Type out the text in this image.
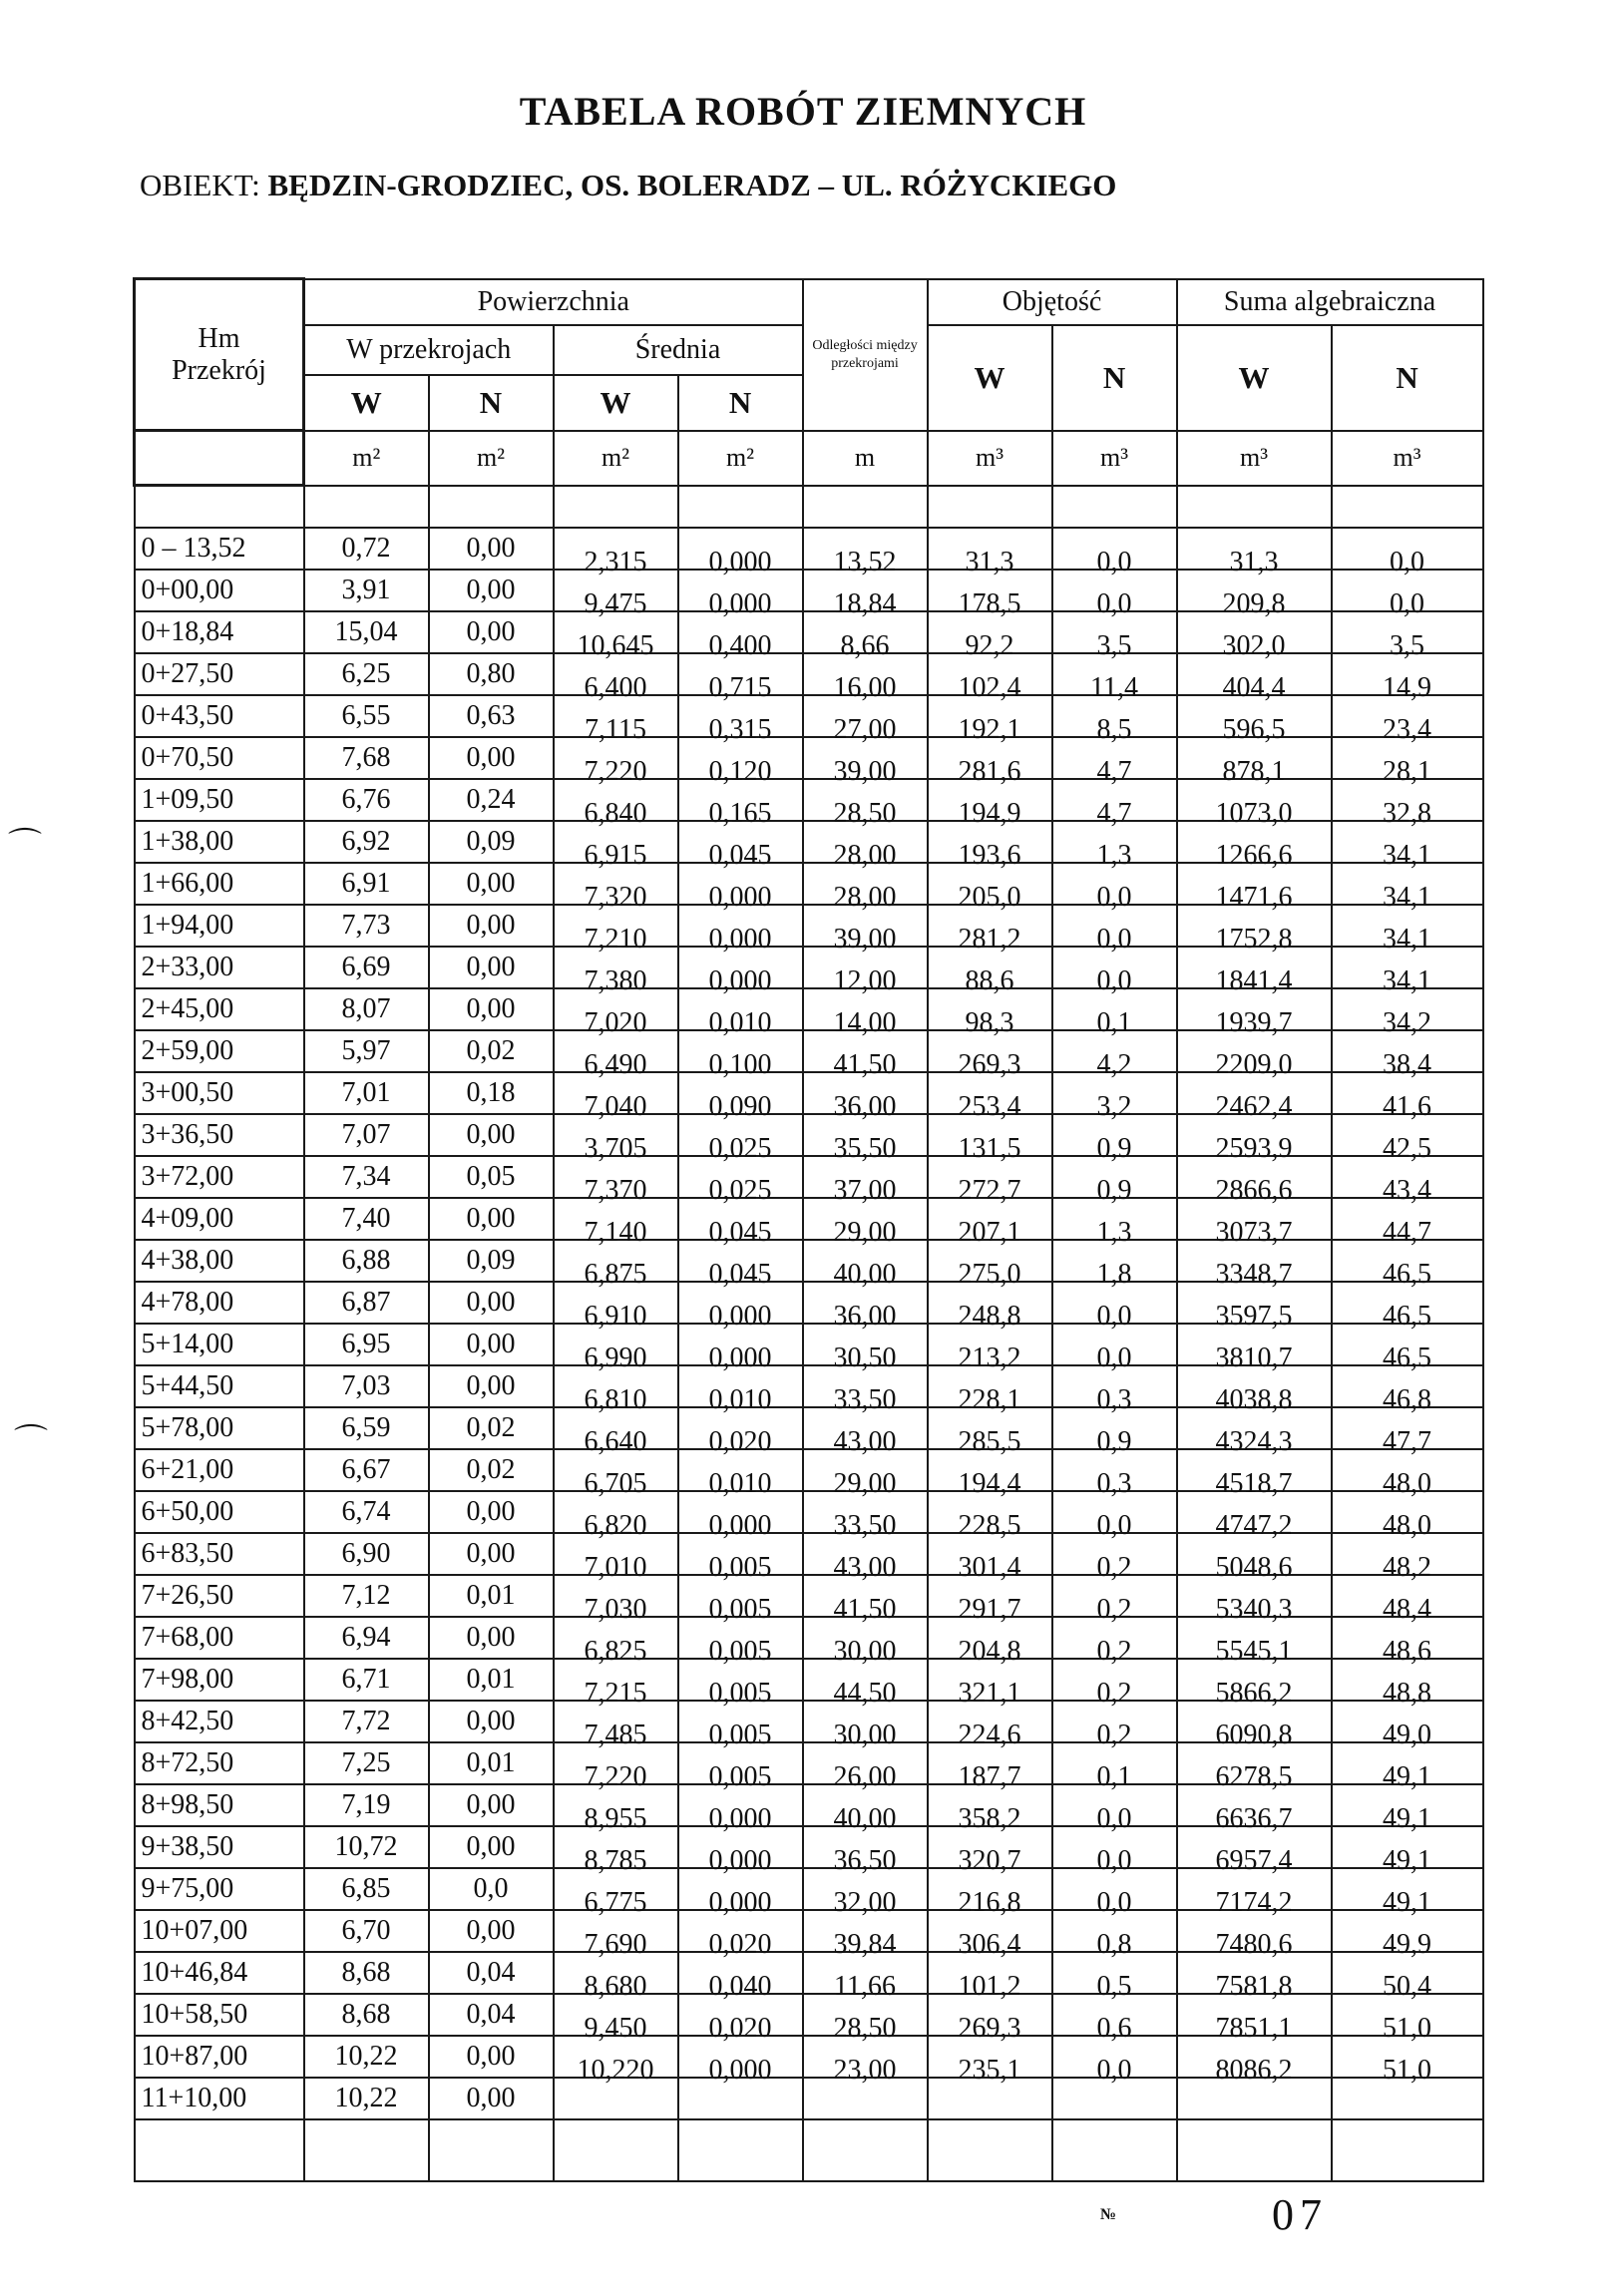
TABELA ROBÓT ZIEMNYCH
OBIEKT: BĘDZIN-GRODZIEC, OS. BOLERADZ – UL. RÓŻYCKIEGO
Hm
Przekrój	Powierzchnia				Odległości między przekrojami	Objętość		Suma algebraiczna	
	W przekrojach		Średnia			W	N	W	N
	W	N	W	N					
	m²	m²	m²	m²	m	m³	m³	m³	m³

0 – 13,52	0,72	0,00	2,315	0,000	13,52	31,3	0,0	31,3	0,0
0+00,00	3,91	0,00	9,475	0,000	18,84	178,5	0,0	209,8	0,0
0+18,84	15,04	0,00	10,645	0,400	8,66	92,2	3,5	302,0	3,5
0+27,50	6,25	0,80	6,400	0,715	16,00	102,4	11,4	404,4	14,9
0+43,50	6,55	0,63	7,115	0,315	27,00	192,1	8,5	596,5	23,4
0+70,50	7,68	0,00	7,220	0,120	39,00	281,6	4,7	878,1	28,1
1+09,50	6,76	0,24	6,840	0,165	28,50	194,9	4,7	1073,0	32,8
1+38,00	6,92	0,09	6,915	0,045	28,00	193,6	1,3	1266,6	34,1
1+66,00	6,91	0,00	7,320	0,000	28,00	205,0	0,0	1471,6	34,1
1+94,00	7,73	0,00	7,210	0,000	39,00	281,2	0,0	1752,8	34,1
2+33,00	6,69	0,00	7,380	0,000	12,00	88,6	0,0	1841,4	34,1
2+45,00	8,07	0,00	7,020	0,010	14,00	98,3	0,1	1939,7	34,2
2+59,00	5,97	0,02	6,490	0,100	41,50	269,3	4,2	2209,0	38,4
3+00,50	7,01	0,18	7,040	0,090	36,00	253,4	3,2	2462,4	41,6
3+36,50	7,07	0,00	3,705	0,025	35,50	131,5	0,9	2593,9	42,5
3+72,00	7,34	0,05	7,370	0,025	37,00	272,7	0,9	2866,6	43,4
4+09,00	7,40	0,00	7,140	0,045	29,00	207,1	1,3	3073,7	44,7
4+38,00	6,88	0,09	6,875	0,045	40,00	275,0	1,8	3348,7	46,5
4+78,00	6,87	0,00	6,910	0,000	36,00	248,8	0,0	3597,5	46,5
5+14,00	6,95	0,00	6,990	0,000	30,50	213,2	0,0	3810,7	46,5
5+44,50	7,03	0,00	6,810	0,010	33,50	228,1	0,3	4038,8	46,8
5+78,00	6,59	0,02	6,640	0,020	43,00	285,5	0,9	4324,3	47,7
6+21,00	6,67	0,02	6,705	0,010	29,00	194,4	0,3	4518,7	48,0
6+50,00	6,74	0,00	6,820	0,000	33,50	228,5	0,0	4747,2	48,0
6+83,50	6,90	0,00	7,010	0,005	43,00	301,4	0,2	5048,6	48,2
7+26,50	7,12	0,01	7,030	0,005	41,50	291,7	0,2	5340,3	48,4
7+68,00	6,94	0,00	6,825	0,005	30,00	204,8	0,2	5545,1	48,6
7+98,00	6,71	0,01	7,215	0,005	44,50	321,1	0,2	5866,2	48,8
8+42,50	7,72	0,00	7,485	0,005	30,00	224,6	0,2	6090,8	49,0
8+72,50	7,25	0,01	7,220	0,005	26,00	187,7	0,1	6278,5	49,1
8+98,50	7,19	0,00	8,955	0,000	40,00	358,2	0,0	6636,7	49,1
9+38,50	10,72	0,00	8,785	0,000	36,50	320,7	0,0	6957,4	49,1
9+75,00	6,85	0,0	6,775	0,000	32,00	216,8	0,0	7174,2	49,1
10+07,00	6,70	0,00	7,690	0,020	39,84	306,4	0,8	7480,6	49,9
10+46,84	8,68	0,04	8,680	0,040	11,66	101,2	0,5	7581,8	50,4
10+58,50	8,68	0,04	9,450	0,020	28,50	269,3	0,6	7851,1	51,0
10+87,00	10,22	0,00	10,220	0,000	23,00	235,1	0,0	8086,2	51,0
11+10,00	10,22	0,00							

⌒
⌒
№	07
